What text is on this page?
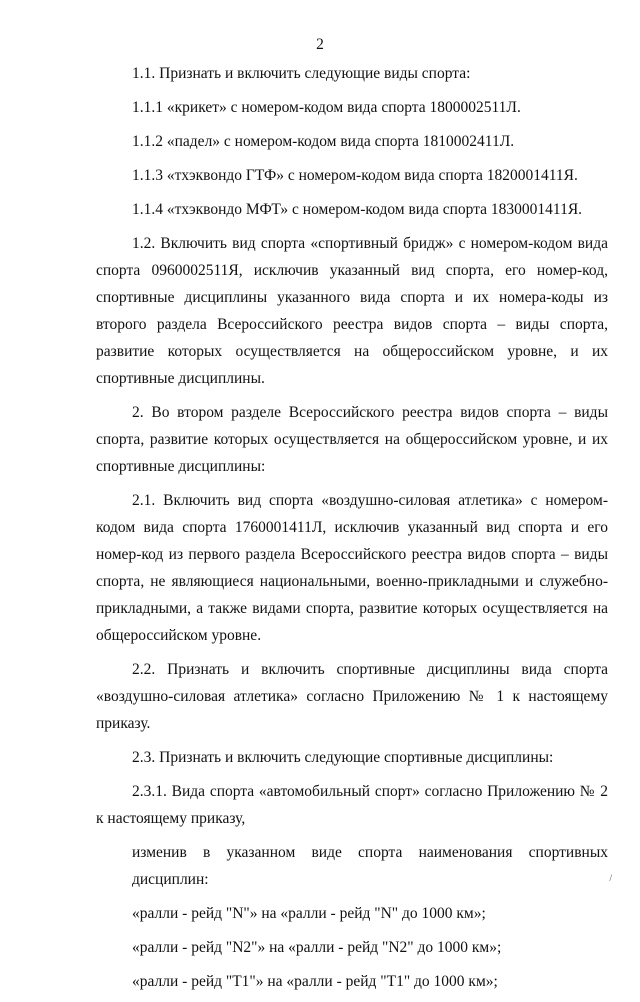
2

1.1. Признать и включить следующие виды спорта:

1.1.1 «крикет» с номером-кодом вида спорта 1800002511Л.

1.1.2 «падел» с номером-кодом вида спорта 1810002411Л.

1.1.3 «тхэквондо ГТФ» с номером-кодом вида спорта 1820001411Я.

1.1.4 «тхэквондо МФТ» с номером-кодом вида спорта 1830001411Я.

1.2. Включить вид спорта «спортивный бридж» с номером-кодом вида спорта 0960002511Я, исключив указанный вид спорта, его номер-код, спортивные дисциплины указанного вида спорта и их номера-коды из второго раздела Всероссийского реестра видов спорта – виды спорта, развитие которых осуществляется на общероссийском уровне, и их спортивные дисциплины.

2. Во втором разделе Всероссийского реестра видов спорта – виды спорта, развитие которых осуществляется на общероссийском уровне, и их спортивные дисциплины:

2.1. Включить вид спорта «воздушно-силовая атлетика» с номером-кодом вида спорта 1760001411Л, исключив указанный вид спорта и его номер-код из первого раздела Всероссийского реестра видов спорта – виды спорта, не являющиеся национальными, военно-прикладными и служебно-прикладными, а также видами спорта, развитие которых осуществляется на общероссийском уровне.

2.2. Признать и включить спортивные дисциплины вида спорта «воздушно-силовая атлетика» согласно Приложению № 1 к настоящему приказу.

2.3. Признать и включить следующие спортивные дисциплины:

2.3.1. Вида спорта «автомобильный спорт» согласно Приложению № 2 к настоящему приказу,

изменив в указанном виде спорта наименования спортивных дисциплин:

«ралли - рейд "N"» на «ралли - рейд "N" до 1000 км»;

«ралли - рейд "N2"» на «ралли - рейд "N2" до 1000 км»;

«ралли - рейд "T1"» на «ралли - рейд "T1" до 1000 км»;

/
